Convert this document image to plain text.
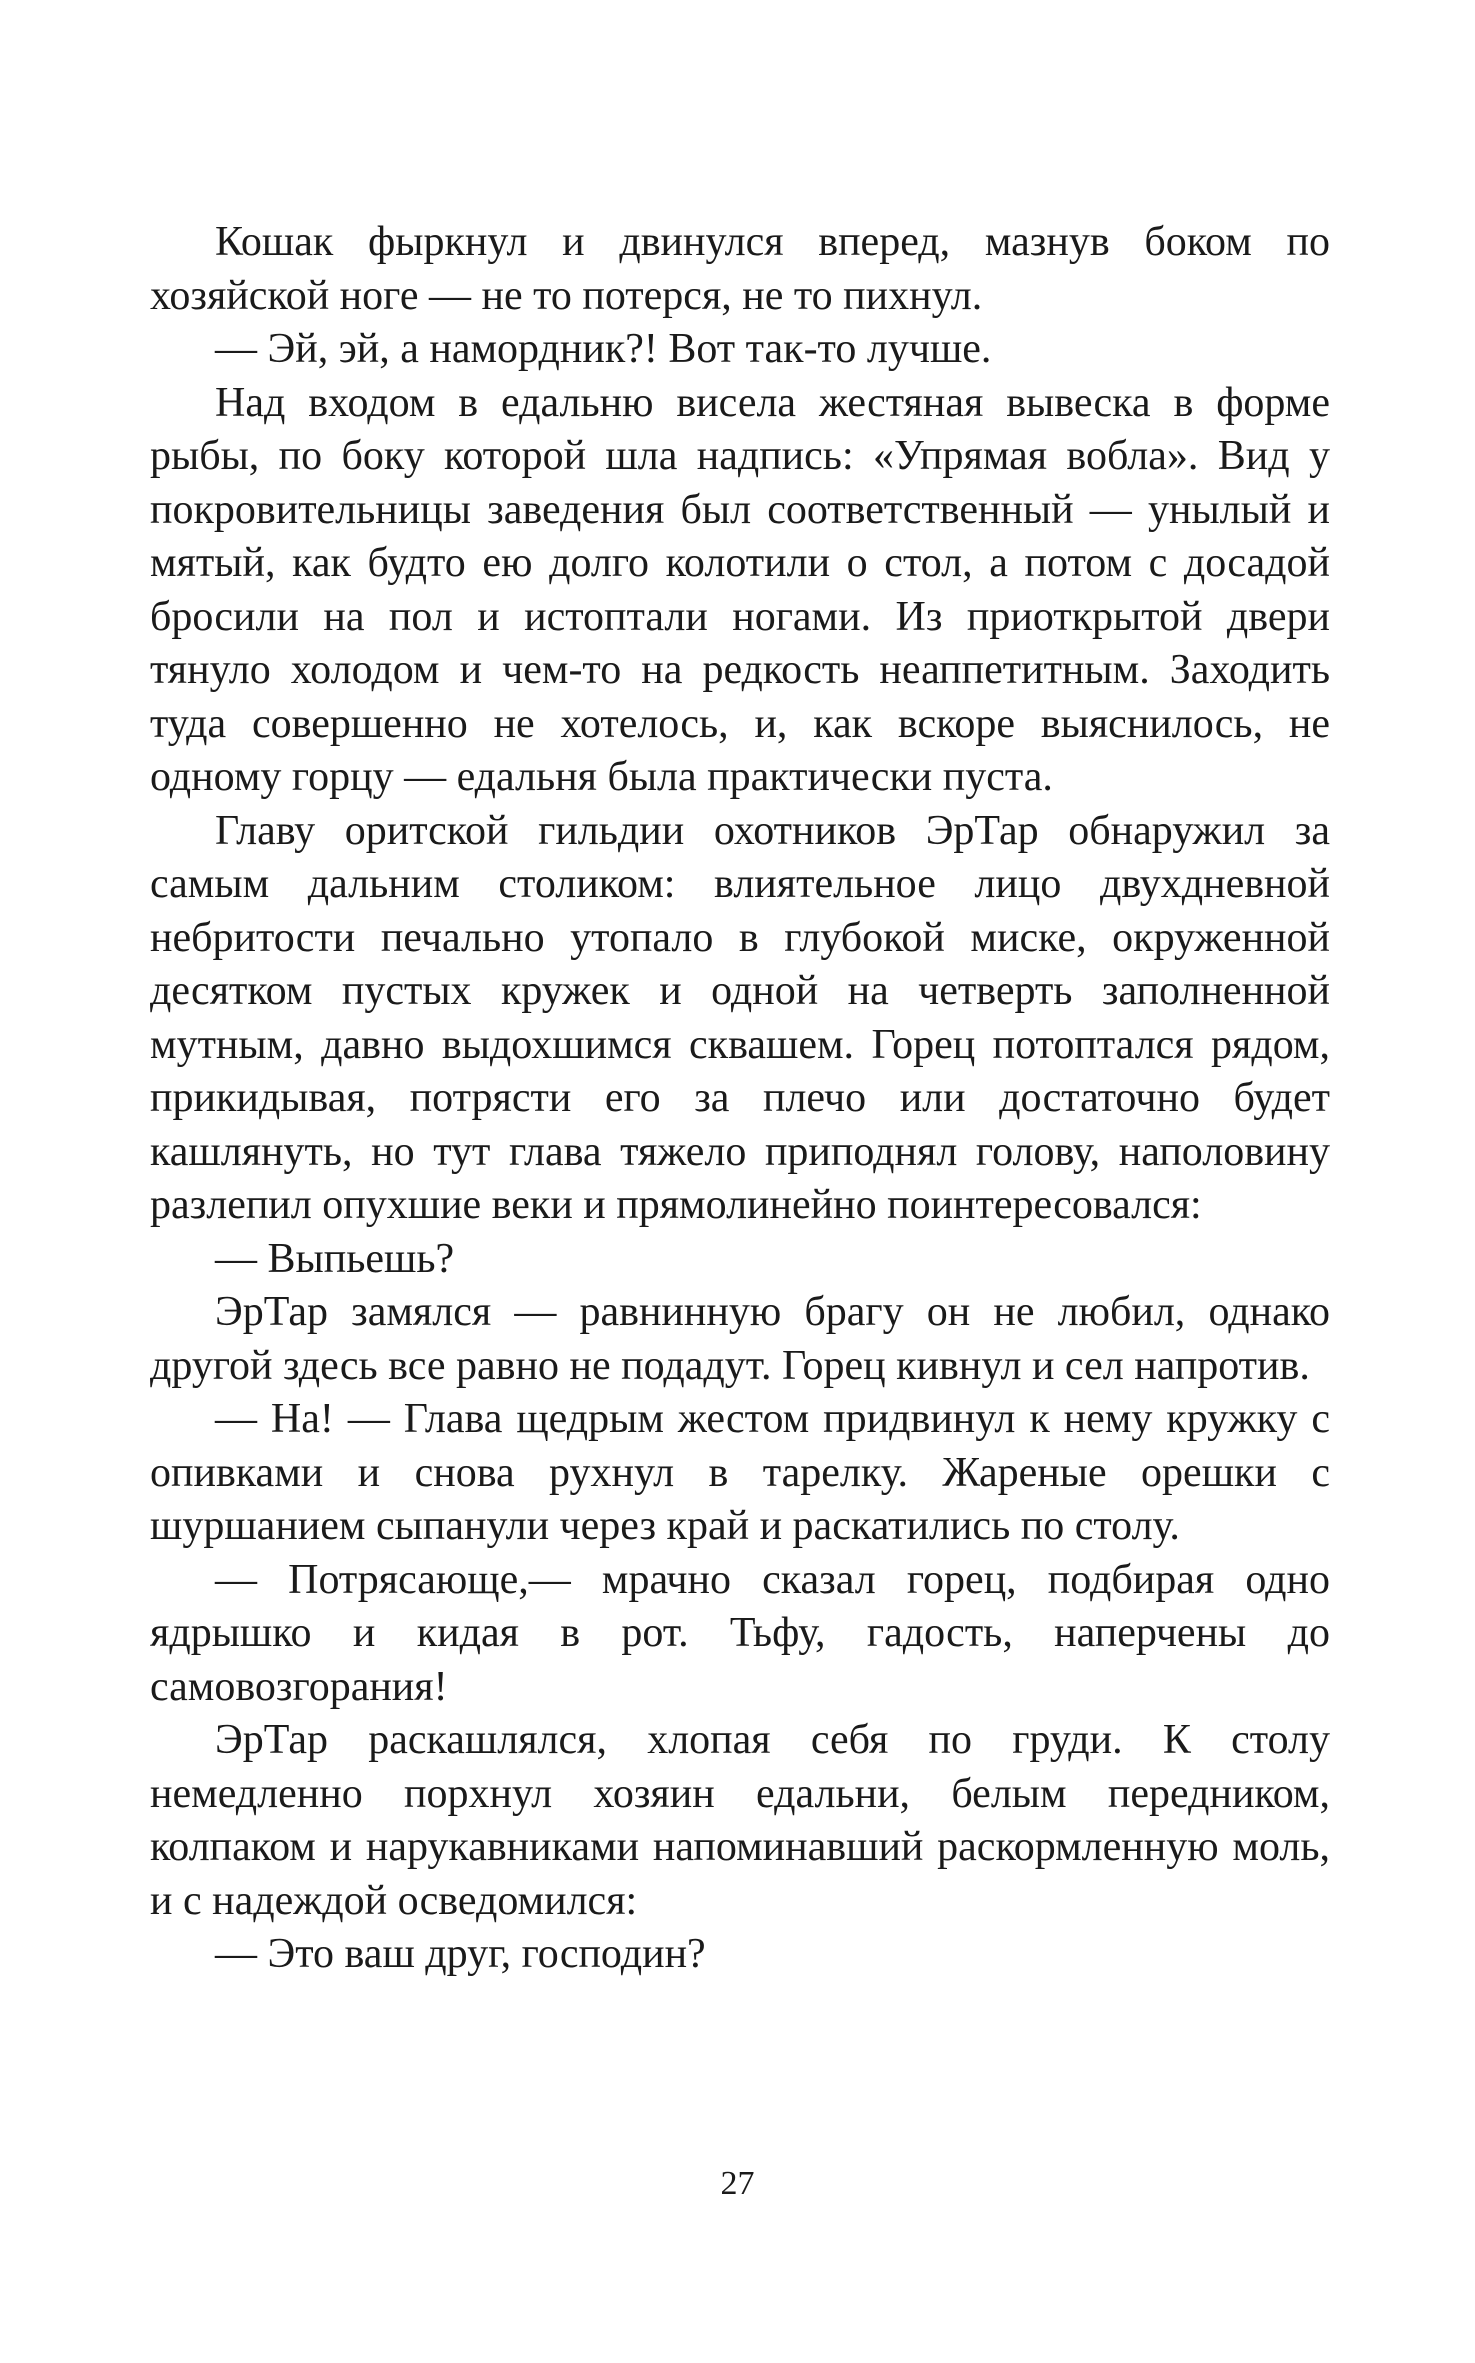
Кошак фыркнул и двинулся вперед, мазнув боком по хозяйской ноге — не то потерся, не то пихнул.

— Эй, эй, а намордник?! Вот так-то лучше.

Над входом в едальню висела жестяная вывеска в форме рыбы, по боку которой шла надпись: «Упрямая вобла». Вид у покровительницы заведения был соответственный — унылый и мятый, как будто ею долго колотили о стол, а потом с досадой бросили на пол и истоптали ногами. Из приоткрытой двери тянуло холодом и чем-то на редкость неаппетитным. Заходить туда совершенно не хотелось, и, как вскоре выяснилось, не одному горцу — едальня была практически пуста.

Главу оритской гильдии охотников ЭрТар обнаружил за самым дальним столиком: влиятельное лицо двухдневной небритости печально утопало в глубокой миске, окруженной десятком пустых кружек и одной на четверть заполненной мутным, давно выдохшимся сквашем. Горец потоптался рядом, прикидывая, потрясти его за плечо или достаточно будет кашлянуть, но тут глава тяжело приподнял голову, наполовину разлепил опухшие веки и прямолинейно поинтересовался:

— Выпьешь?

ЭрТар замялся — равнинную брагу он не любил, однако другой здесь все равно не подадут. Горец кивнул и сел напротив.

— На! — Глава щедрым жестом придвинул к нему кружку с опивками и снова рухнул в тарелку. Жареные орешки с шуршанием сыпанули через край и раскатились по столу.

— Потрясающе,— мрачно сказал горец, подбирая одно ядрышко и кидая в рот. Тьфу, гадость, наперчены до самовозгорания!

ЭрТар раскашлялся, хлопая себя по груди. К столу немедленно порхнул хозяин едальни, белым передником, колпаком и нарукавниками напоминавший раскормленную моль, и с надеждой осведомился:

— Это ваш друг, господин?

27
